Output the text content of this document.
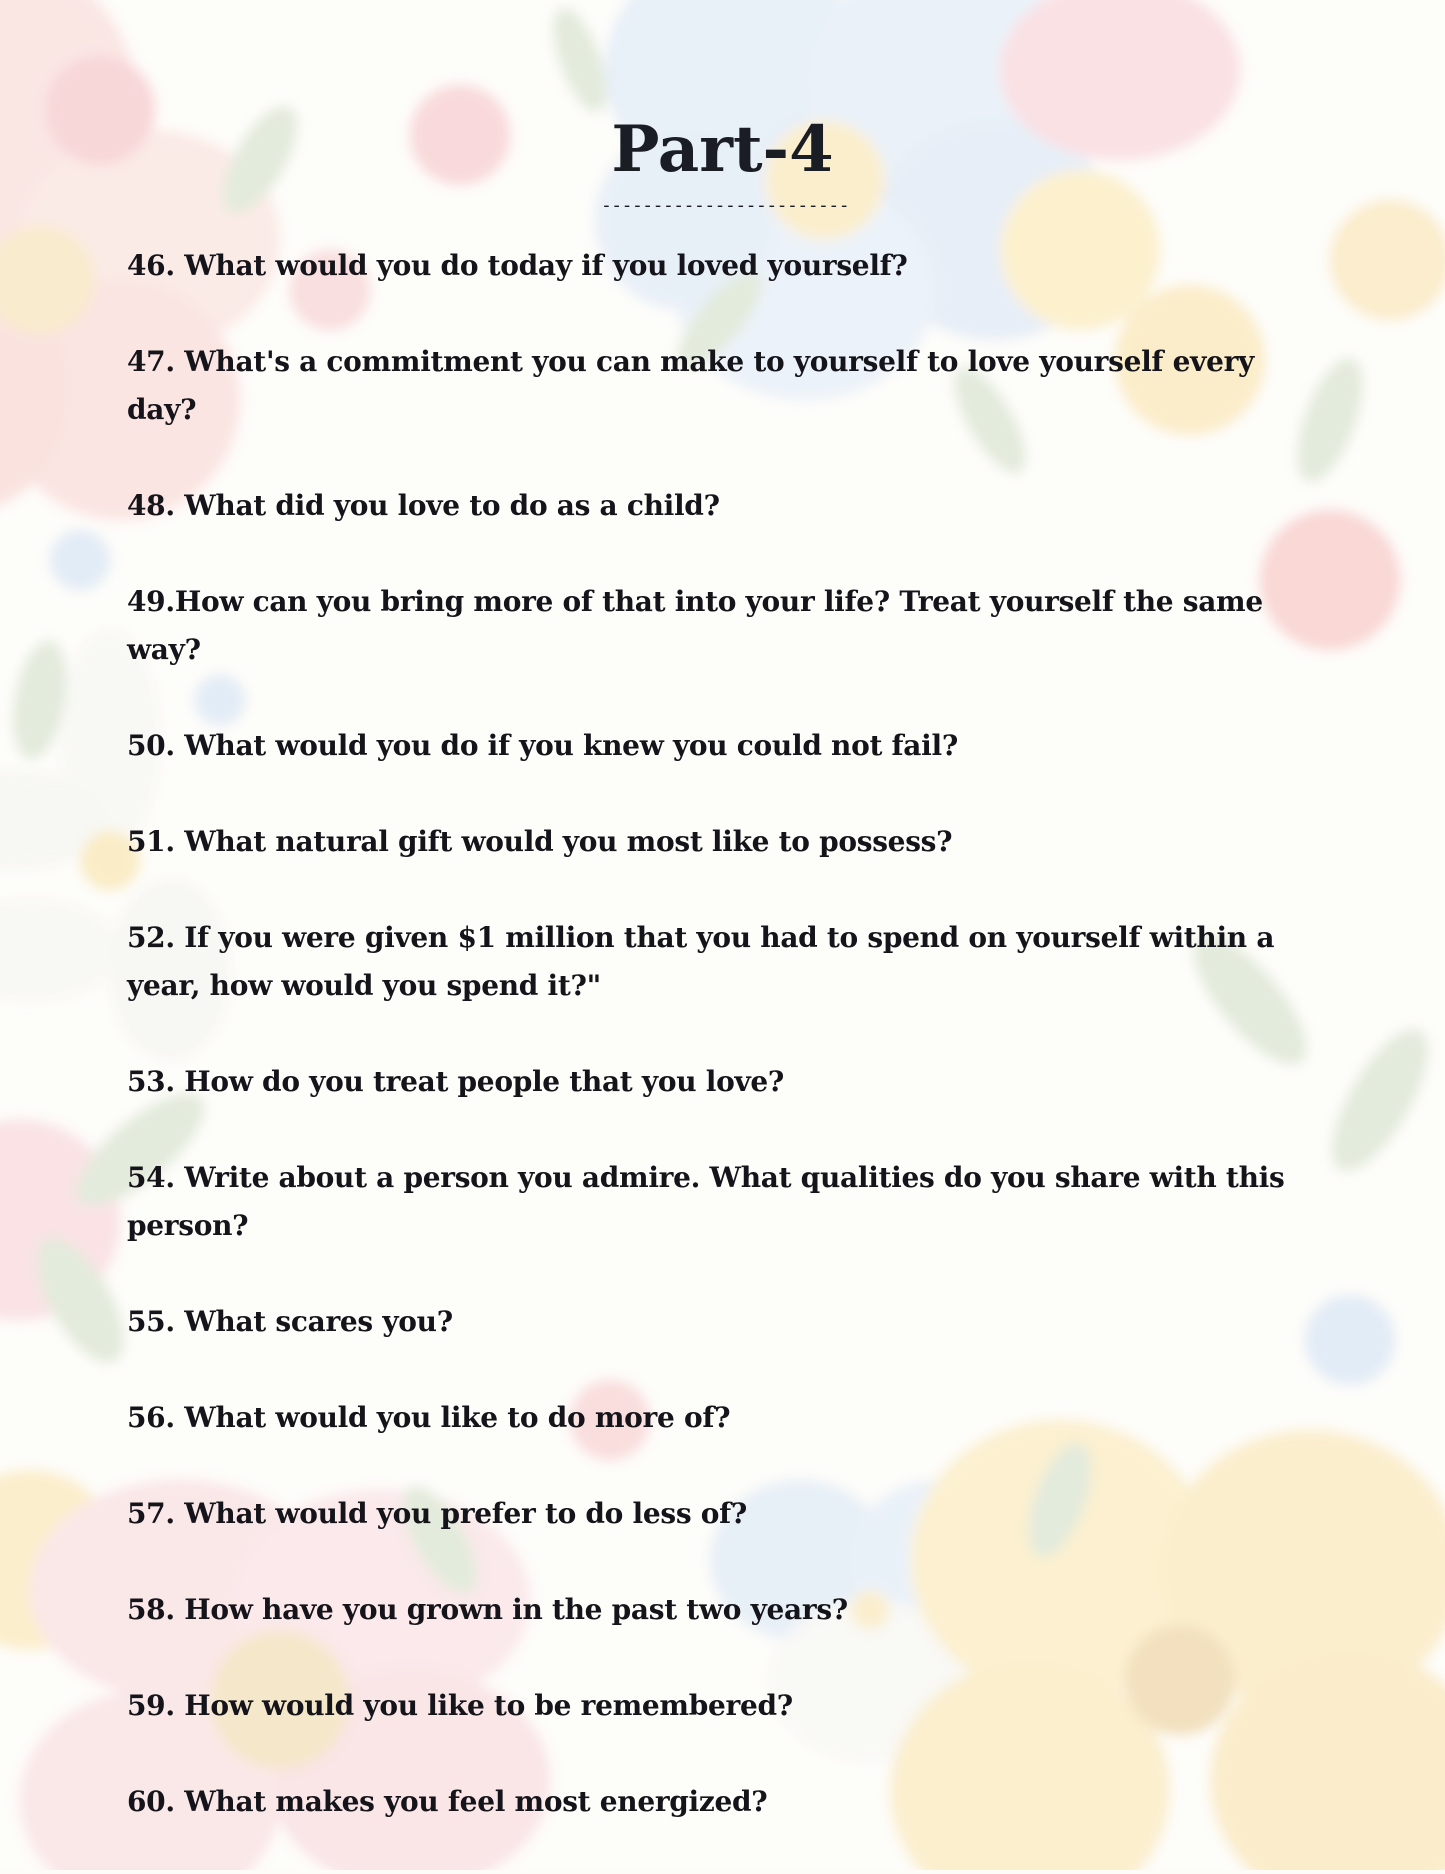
Part-4
------------------------
46. What would you do today if you loved yourself?
47. What's a commitment you can make to yourself to love yourself every day?
48. What did you love to do as a child?
49.How can you bring more of that into your life? Treat yourself the same way?
50. What would you do if you knew you could not fail?
51. What natural gift would you most like to possess?
52. If you were given $1 million that you had to spend on yourself within a year, how would you spend it?"
53. How do you treat people that you love?
54. Write about a person you admire. What qualities do you share with this person?
55. What scares you?
56. What would you like to do more of?
57. What would you prefer to do less of?
58. How have you grown in the past two years?
59. How would you like to be remembered?
60. What makes you feel most energized?
